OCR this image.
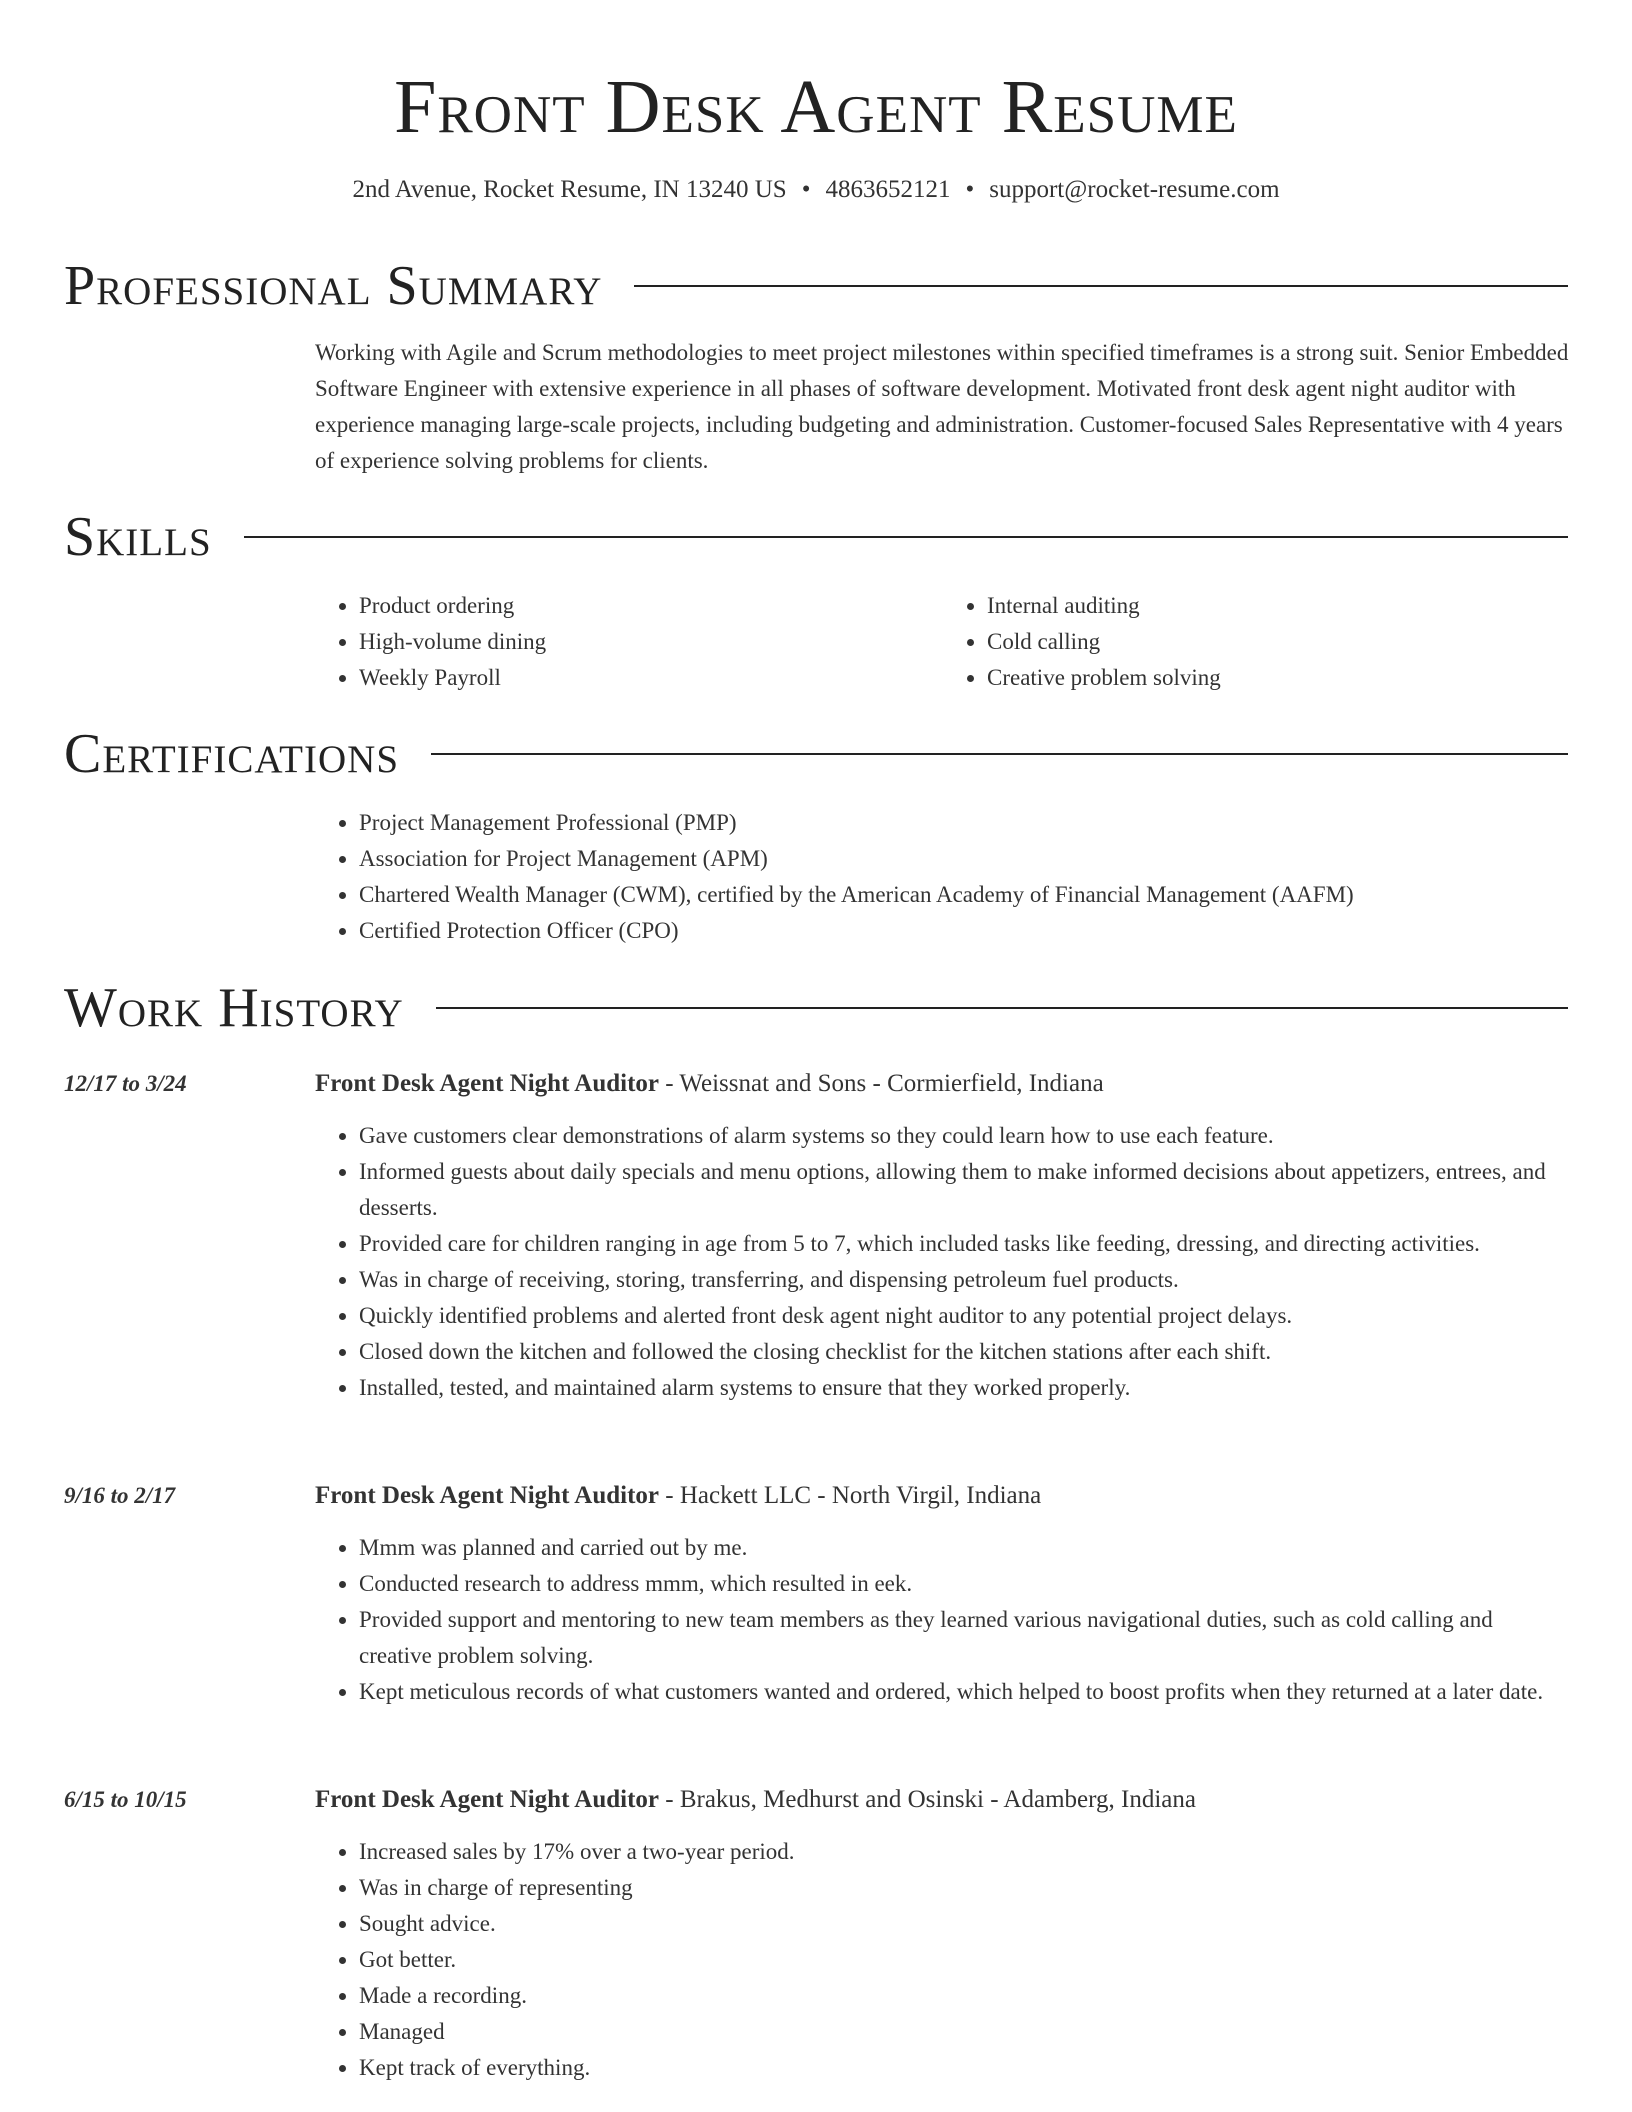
Front Desk Agent Resume
2nd Avenue, Rocket Resume, IN 13240 US • 4863652121 • support@rocket-resume.com
Professional Summary

Working with Agile and Scrum methodologies to meet project milestones within specified timeframes is a strong suit. Senior Embedded Software Engineer with extensive experience in all phases of software development. Motivated front desk agent night auditor with experience managing large-scale projects, including budgeting and administration. Customer-focused Sales Representative with 4 years of experience solving problems for clients.

Skills
• Product ordering
• High-volume dining
• Weekly Payroll
• Internal auditing
• Cold calling
• Creative problem solving
Certifications
• Project Management Professional (PMP)
• Association for Project Management (APM)
• Chartered Wealth Manager (CWM), certified by the American Academy of Financial Management (AAFM)
• Certified Protection Officer (CPO)
Work History
12/17 to 3/24	Front Desk Agent Night Auditor - Weissnat and Sons - Cormierfield, Indiana
• Gave customers clear demonstrations of alarm systems so they could learn how to use each feature.
• Informed guests about daily specials and menu options, allowing them to make informed decisions about appetizers, entrees, and desserts.
• Provided care for children ranging in age from 5 to 7, which included tasks like feeding, dressing, and directing activities.
• Was in charge of receiving, storing, transferring, and dispensing petroleum fuel products.
• Quickly identified problems and alerted front desk agent night auditor to any potential project delays.
• Closed down the kitchen and followed the closing checklist for the kitchen stations after each shift.
• Installed, tested, and maintained alarm systems to ensure that they worked properly.
9/16 to 2/17	Front Desk Agent Night Auditor - Hackett LLC - North Virgil, Indiana
• Mmm was planned and carried out by me.
• Conducted research to address mmm, which resulted in eek.
• Provided support and mentoring to new team members as they learned various navigational duties, such as cold calling and creative problem solving.
• Kept meticulous records of what customers wanted and ordered, which helped to boost profits when they returned at a later date.
6/15 to 10/15	Front Desk Agent Night Auditor - Brakus, Medhurst and Osinski - Adamberg, Indiana
• Increased sales by 17% over a two-year period.
• Was in charge of representing
• Sought advice.
• Got better.
• Made a recording.
• Managed
• Kept track of everything.
